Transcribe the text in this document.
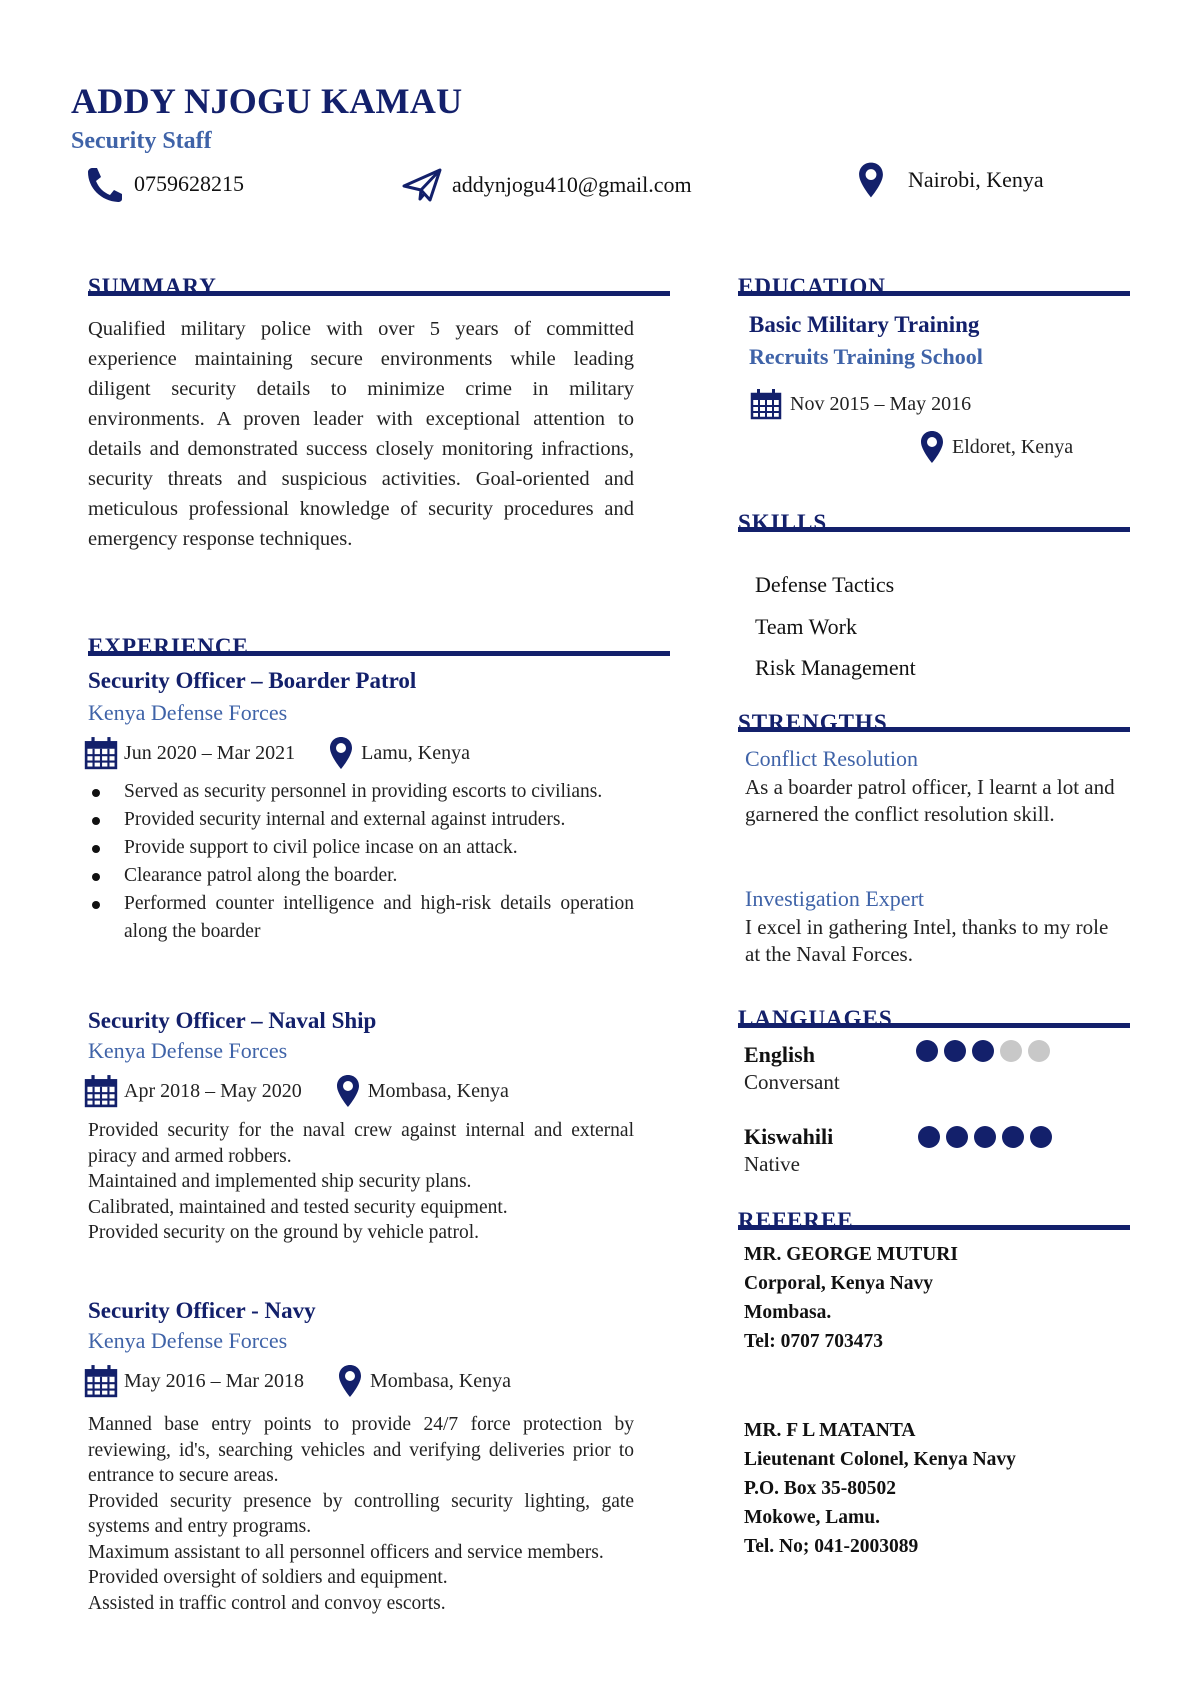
ADDY NJOGU KAMAU
Security Staff
0759628215	addynjogu410@gmail.com	Nairobi, Kenya
SUMMARY
Qualified military police with over 5 years of committed experience maintaining secure environments while leading diligent security details to minimize crime in military environments. A proven leader with exceptional attention to details and demonstrated success closely monitoring infractions, security threats and suspicious activities. Goal-oriented and meticulous professional knowledge of security procedures and emergency response techniques.
EXPERIENCE
Security Officer – Boarder Patrol
Kenya Defense Forces
Jun 2020 – Mar 2021	Lamu, Kenya
Served as security personnel in providing escorts to civilians.
Provided security internal and external against intruders.
Provide support to civil police incase on an attack.
Clearance patrol along the boarder.
Performed counter intelligence and high-risk details operation along the boarder
Security Officer – Naval Ship
Kenya Defense Forces
Apr 2018 – May 2020	Mombasa, Kenya
Provided security for the naval crew against internal and external piracy and armed robbers.
Maintained and implemented ship security plans.
Calibrated, maintained and tested security equipment.
Provided security on the ground by vehicle patrol.
Security Officer - Navy
Kenya Defense Forces
May 2016 – Mar 2018	Mombasa, Kenya
Manned base entry points to provide 24/7 force protection by reviewing, id's, searching vehicles and verifying deliveries prior to entrance to secure areas.
Provided security presence by controlling security lighting, gate systems and entry programs.
Maximum assistant to all personnel officers and service members.
Provided oversight of soldiers and equipment.
Assisted in traffic control and convoy escorts.
EDUCATION
Basic Military Training
Recruits Training School
Nov 2015 – May 2016
Eldoret, Kenya
SKILLS
Defense Tactics
Team Work
Risk Management
STRENGTHS
Conflict Resolution
As a boarder patrol officer, I learnt a lot and garnered the conflict resolution skill.
Investigation Expert
I excel in gathering Intel, thanks to my role at the Naval Forces.
LANGUAGES
English
Conversant
Kiswahili
Native
REFEREE
MR. GEORGE MUTURI
Corporal, Kenya Navy
Mombasa.
Tel: 0707 703473
MR. F L MATANTA
Lieutenant Colonel, Kenya Navy
P.O. Box 35-80502
Mokowe, Lamu.
Tel. No; 041-2003089
